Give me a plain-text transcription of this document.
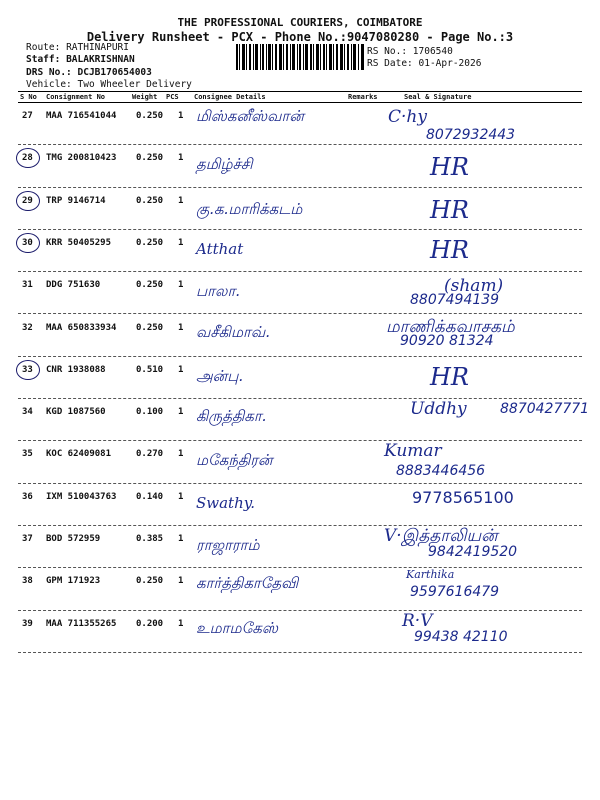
THE PROFESSIONAL COURIERS, COIMBATORE
Delivery Runsheet - PCX - Phone No.:9047080280 - Page No.:3
Route: RATHINAPURI
Staff: BALAKRISHNAN
DRS No.: DCJB170654003
Vehicle: Two Wheeler Delivery
RS No.: 1706540
RS Date: 01-Apr-2026
S No Consignment No	Weight PCS Consignee Details	Remarks	Seal & Signature
27 MAA 716541044 0.250 1 மிஸ்கனீஸ்வான்	C·hy
8072932443
28 TMG 200810423 0.250 1 தமிழ்ச்சி	HR
29 TRP 9146714	0.250 1 கு.க.மாரிக்கடம்	HR
30 KRR 50405295	0.250 1 Atthat	HR
31 DDG 751630	0.250 1 பாலா.	(sham)
8807494139
32 MAA 650833934 0.250 1 வசீகிமாவ்.	மாணிக்கவாசகம்
90920 81324
33 CNR 1938088	0.510 1 அன்பு.	HR
34 KGD 1087560	0.100 1 கிருத்திகா.	Uddhy 8870427771
35 KOC 62409081	0.270 1 மகேந்திரன்	Kumar
8883446456
36 IXM 510043763 0.140 1 Swathy.	9778565100
37 BOD 572959	0.385 1 ராஜாராம்	V·இத்தாலியன்
9842419520
38 GPM 171923	0.250 1 கார்த்திகாதேவி	Karthika
9597616479
39 MAA 711355265 0.200 1 உமாமகேஸ்	R·V
99438 42110
